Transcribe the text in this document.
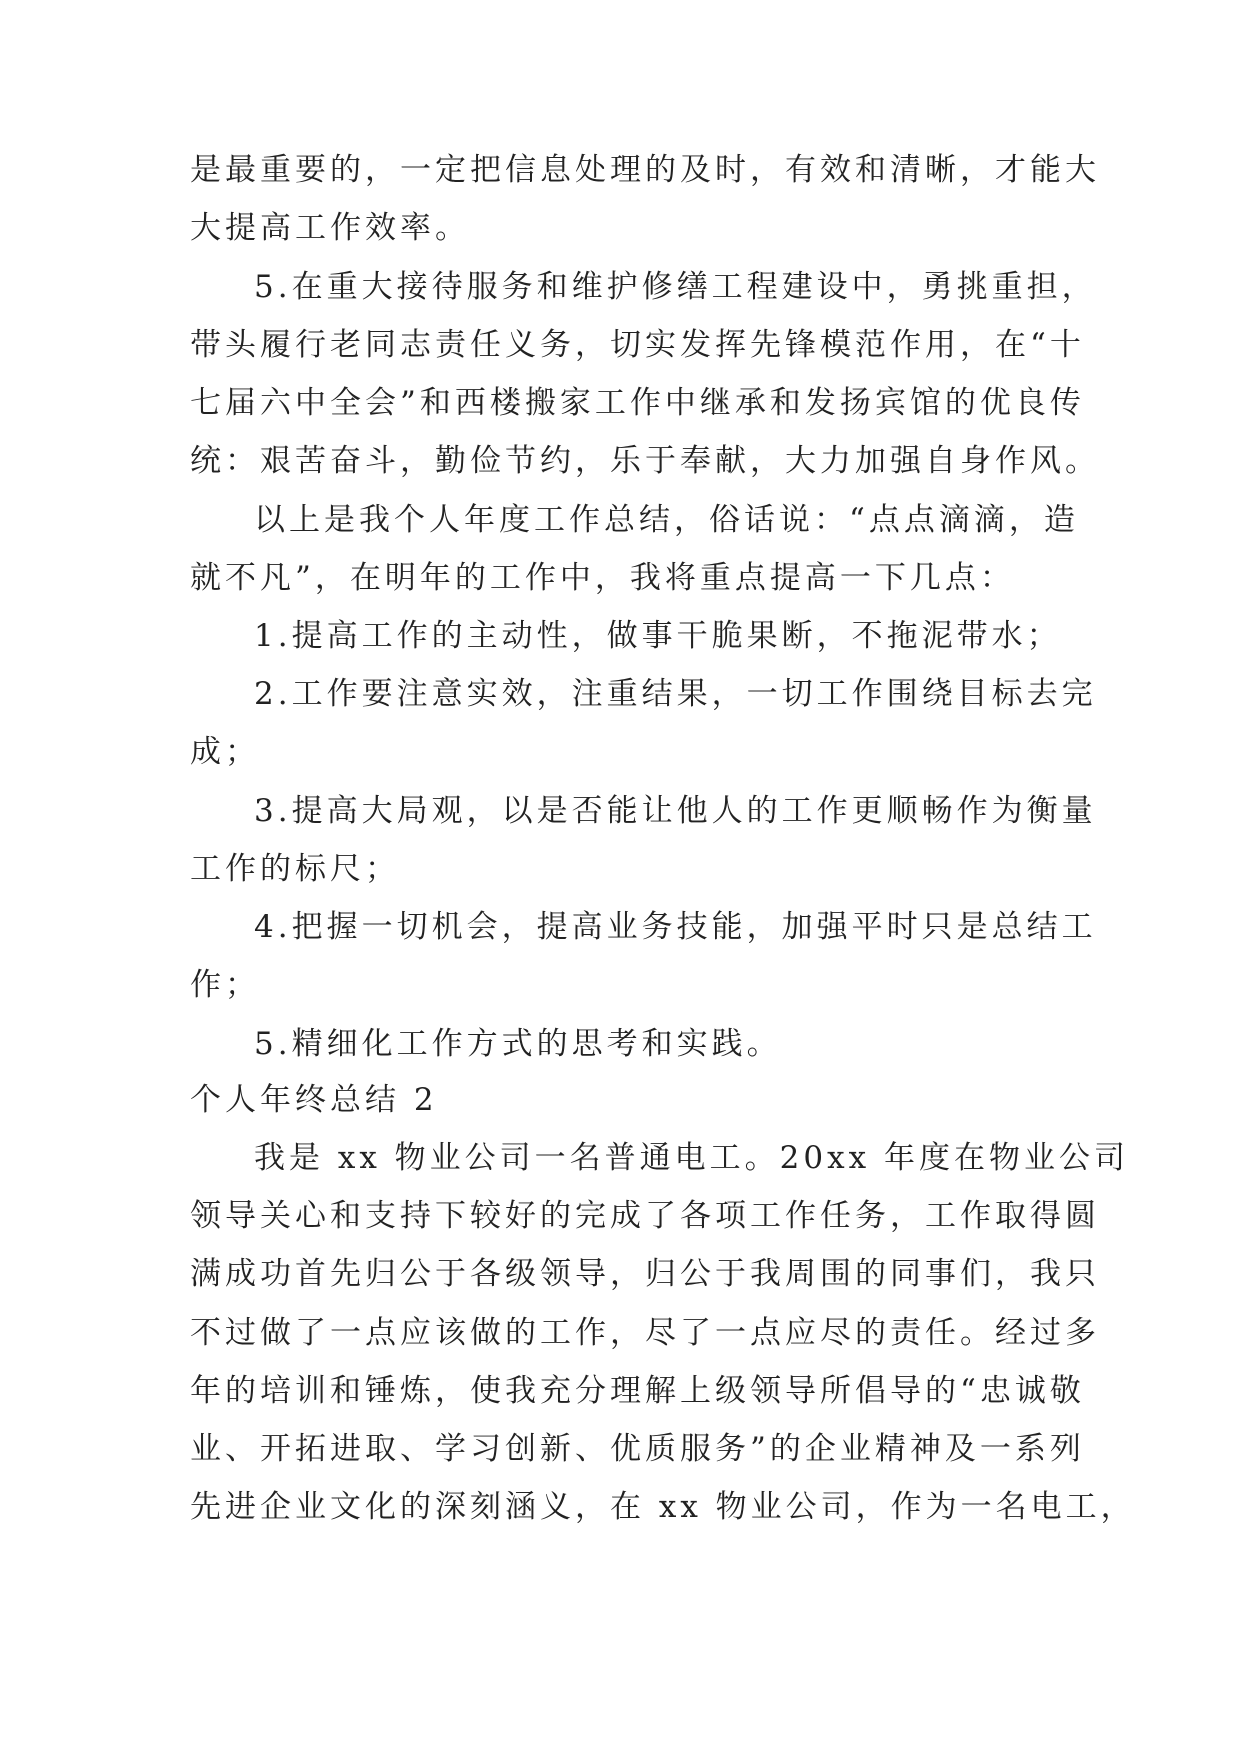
是最重要的，一定把信息处理的及时，有效和清晰，才能大
大提高工作效率。
5.在重大接待服务和维护修缮工程建设中，勇挑重担，
带头履行老同志责任义务，切实发挥先锋模范作用，在“十
七届六中全会”和西楼搬家工作中继承和发扬宾馆的优良传
统：艰苦奋斗，勤俭节约，乐于奉献，大力加强自身作风。
以上是我个人年度工作总结，俗话说：“点点滴滴，造
就不凡”，在明年的工作中，我将重点提高一下几点：
1.提高工作的主动性，做事干脆果断，不拖泥带水；
2.工作要注意实效，注重结果，一切工作围绕目标去完
成；
3.提高大局观，以是否能让他人的工作更顺畅作为衡量
工作的标尺；
4.把握一切机会，提高业务技能，加强平时只是总结工
作；
5.精细化工作方式的思考和实践。
个人年终总结 2
我是 xx 物业公司一名普通电工。20xx 年度在物业公司
领导关心和支持下较好的完成了各项工作任务，工作取得圆
满成功首先归公于各级领导，归公于我周围的同事们，我只
不过做了一点应该做的工作，尽了一点应尽的责任。经过多
年的培训和锤炼，使我充分理解上级领导所倡导的“忠诚敬
业、开拓进取、学习创新、优质服务”的企业精神及一系列
先进企业文化的深刻涵义，在 xx 物业公司，作为一名电工，
